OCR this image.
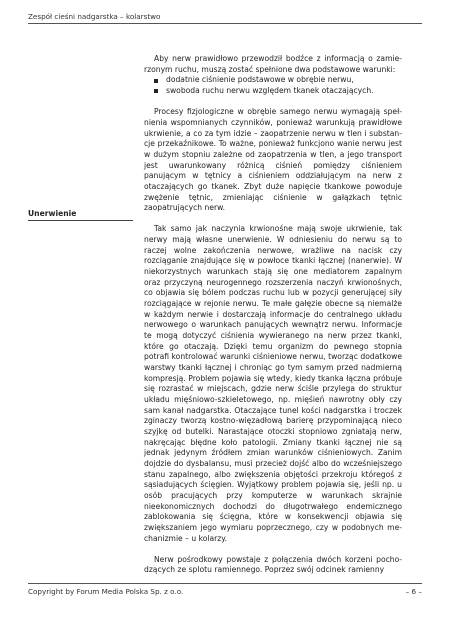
Zespół cieśni nadgarstka – kolarstwo

Aby nerw prawidłowo przewodził bodźce z informacją o zamierzonym ruchu, muszą zostać spełnione dwa podstawowe warunki:

dodatnie ciśnienie podstawowe w obrębie nerwu,
swoboda ruchu nerwu względem tkanek otaczających.

Procesy fizjologiczne w obrębie samego nerwu wymagają spełnienia wspomnianych czynników, ponieważ warunkują prawidłowe ukrwienie, a co za tym idzie – zaopatrzenie nerwu w tlen i substancje przekaźnikowe. To ważne, ponieważ funkcjono wanie nerwu jest w dużym stopniu zależne od zaopatrzenia w tlen, a jego transport jest uwarunkowany różnicą ciśnień pomiędzy ciśnieniem panującym w tętnicy a ciśnieniem oddziałującym na nerw z otaczających go tkanek. Zbyt duże napięcie tkankowe powoduje zwężenie tętnic, zmieniając ciśnienie w gałązkach tętnic zaopatrujących nerw.

Tak samo jak naczynia krwionośne mają swoje ukrwienie, tak nerwy mają własne unerwienie. W odniesieniu do nerwu są to raczej wolne zakończenia nerwowe, wrażliwe na nacisk czy rozciąganie znajdujące się w powłoce tkanki łącznej (nanerwie). W niekorzystnych warunkach stają się one mediatorem zapalnym oraz przyczyną neurogennego rozszerzenia naczyń krwionośnych, co objawia się bólem podczas ruchu lub w pozycji generującej siły rozciągające w rejonie nerwu. Te małe gałęzie obecne są niemalże w każdym nerwie i dostarczają informacje do centralnego układu nerwowego o warunkach panujących wewnątrz nerwu. Informacje te mogą dotyczyć ciśnienia wywieranego na nerw przez tkanki, które go otaczają. Dzięki temu organizm do pewnego stopnia potrafi kontrolować warunki ciśnieniowe nerwu, tworząc dodatkowe warstwy tkanki łącznej i chroniąc go tym samym przed nadmierną kompresją. Problem pojawia się wtedy, kiedy tkanka łączna próbuje się rozrastać w miejscach, gdzie nerw ściśle przylega do struktur układu mięśniowo-szkieletowego, np. mięśień nawrotny obły czy sam kanał nadgarstka. Otaczające tunel kości nadgarstka i troczek zginaczy tworzą kostno-więzadłową barierę przypominającą nieco szyjkę od butelki. Narastające otoczki stopniowo zgniatają nerw, nakręcając błędne koło patologii. Zmiany tkanki łącznej nie są jednak jedynym źródłem zmian warunków ciśnieniowych. Zanim dojdzie do dysbalansu, musi przecież dojść albo do wcześniejszego stanu zapalnego, albo zwiększenia objętości przekroju któregoś z sąsiadujących ścięgien. Wyjątkowy problem pojawia się, jeśli np. u osób pracujących przy komputerze w warunkach skrajnie nieekonomicznych dochodzi do długotrwałego endemicznego zablokowania się ścięgna, które w konsekwencji objawia się zwiększaniem jego wymiaru poprzecznego, czy w podobnych mechanizmie – u kolarzy.

Nerw pośrodkowy powstaje z połączenia dwóch korzeni pochodzących ze splotu ramiennego. Poprzez swój odcinek ramienny

Unerwienie
Copyright by Forum Media Polska Sp. z o.o.	– 6 –
